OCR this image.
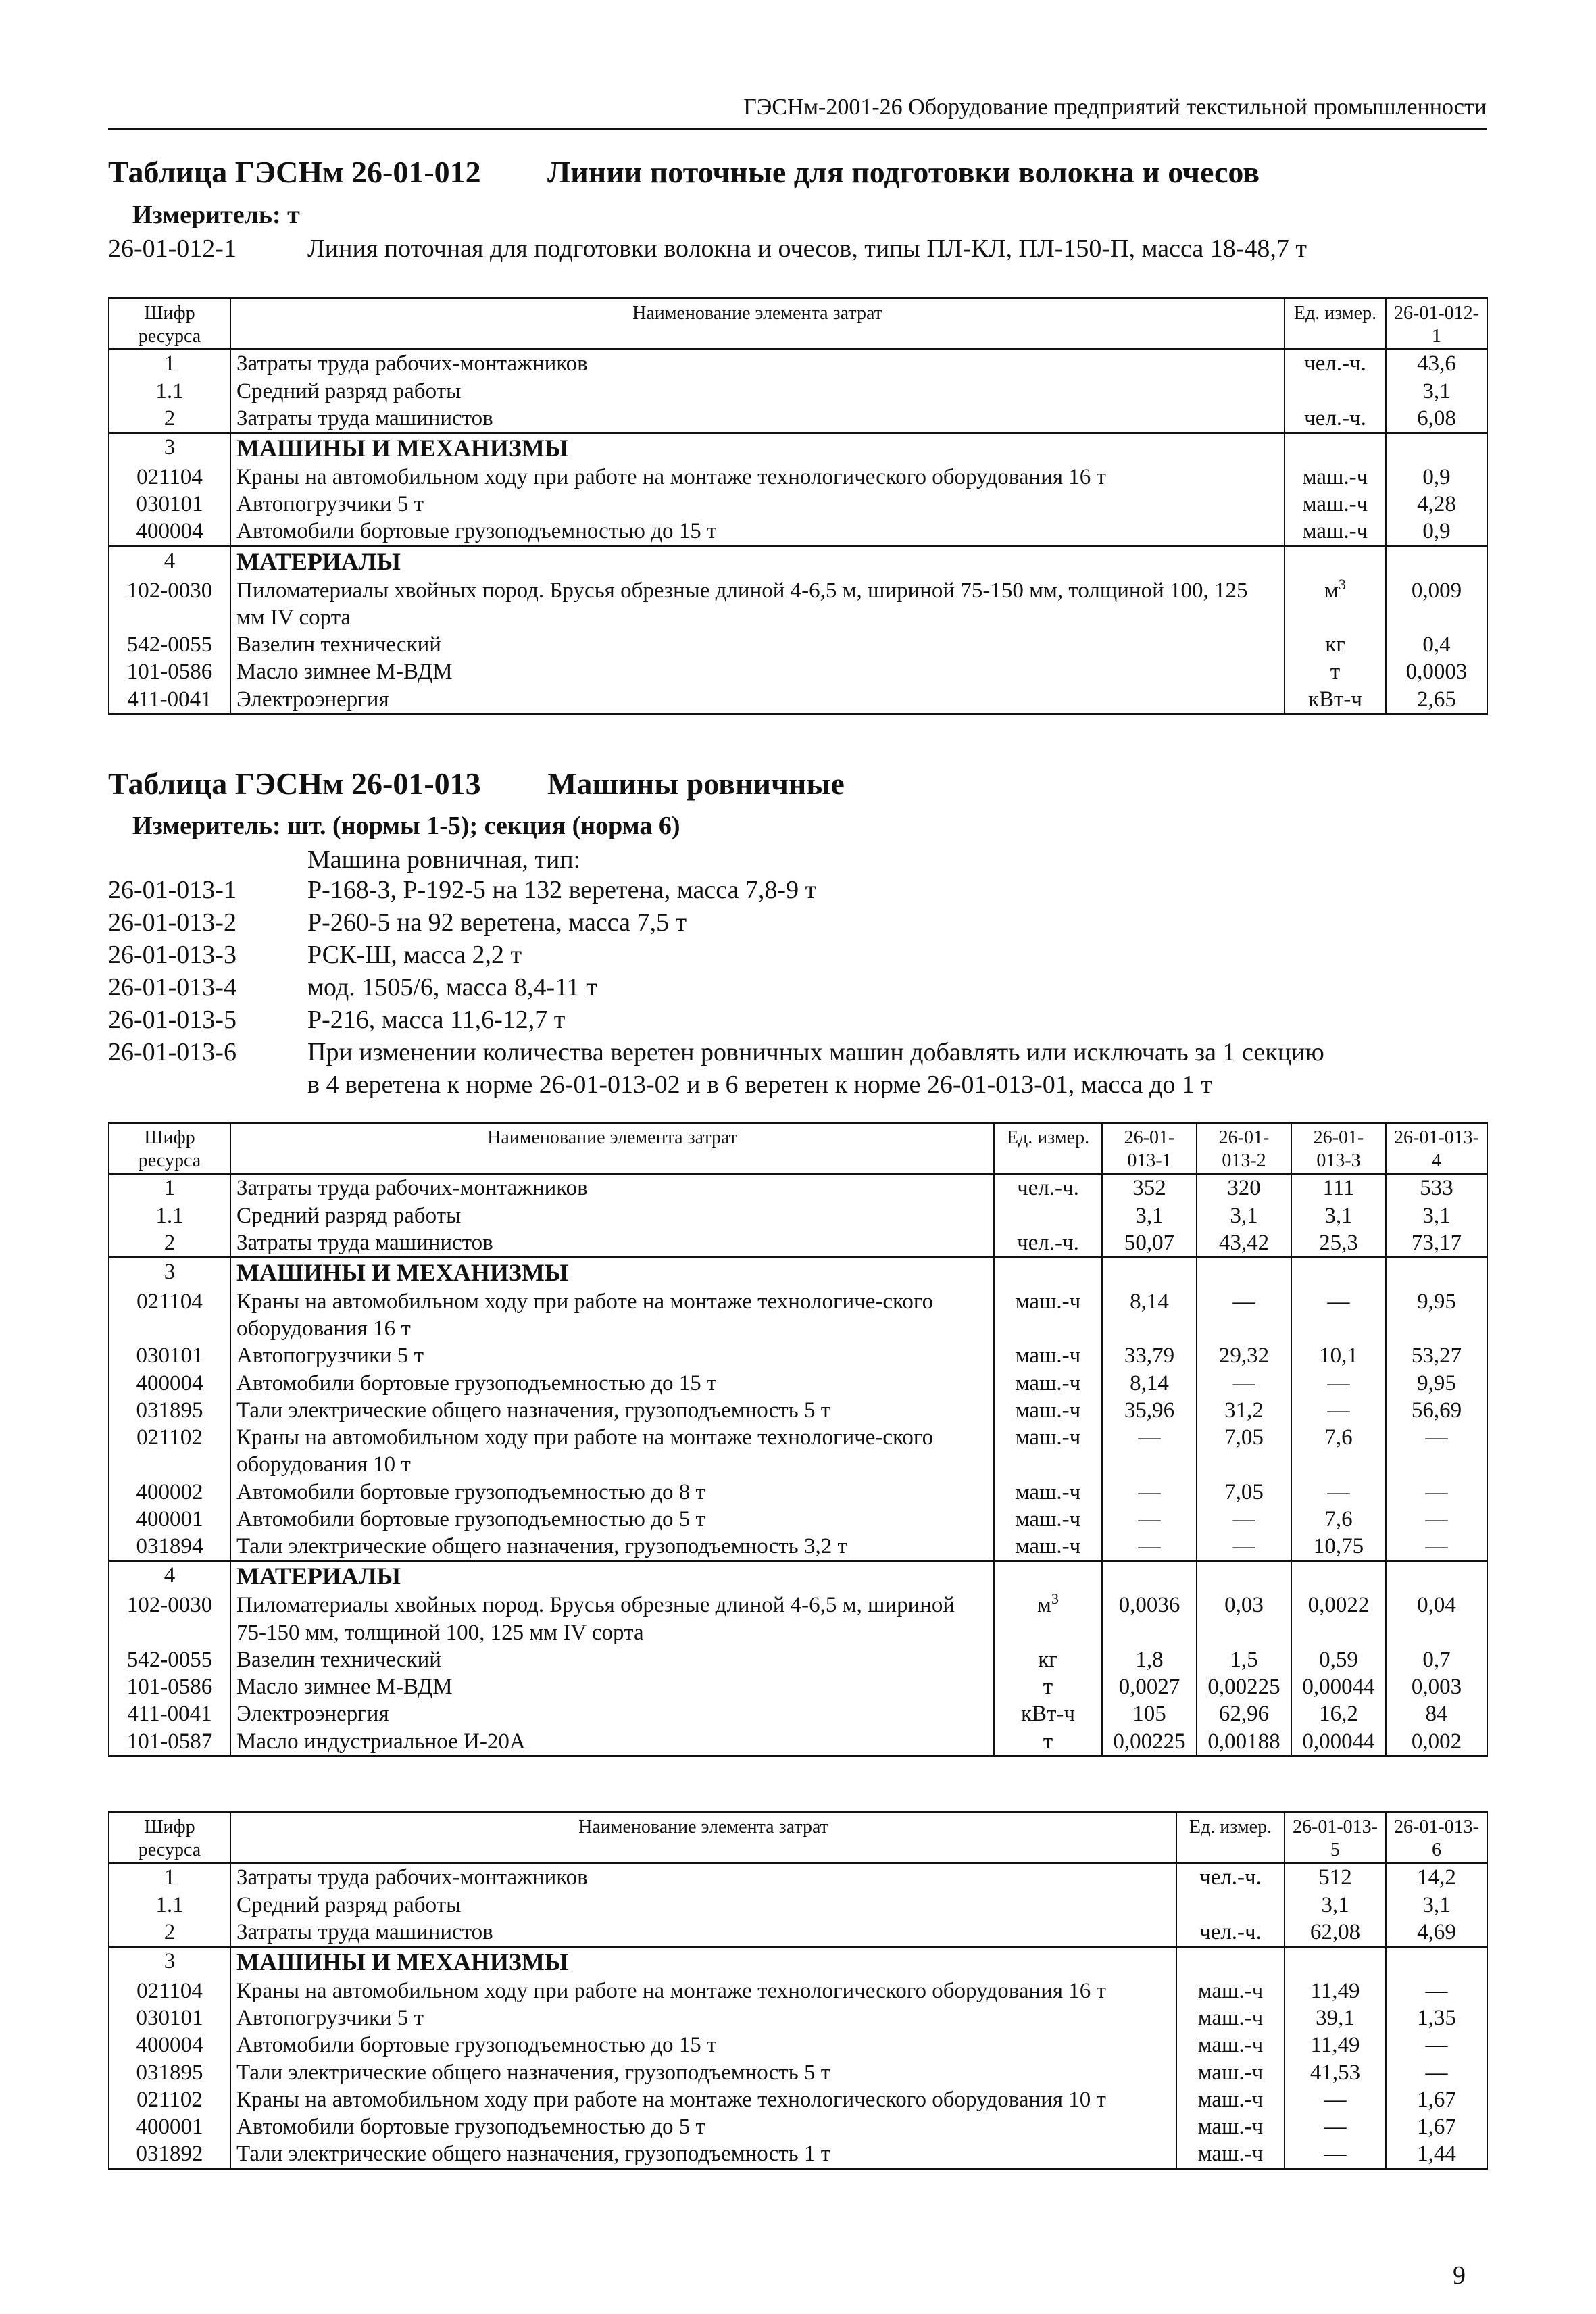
ГЭСНм-2001-26 Оборудование предприятий текстильной промышленности
Таблица ГЭСНм 26-01-012 Линии поточные для подготовки волокна и очесов
Измеритель: т
26-01-012-1	Линия поточная для подготовки волокна и очесов, типы ПЛ-КЛ, ПЛ-150-П, масса 18-48,7 т
Шифр ресурса	Наименование элемента затрат	Ед. измер.	26-01-012-1
1	Затраты труда рабочих-монтажников	чел.-ч.	43,6
1.1	Средний разряд работы		3,1
2	Затраты труда машинистов	чел.-ч.	6,08
3	МАШИНЫ И МЕХАНИЗМЫ		
021104	Краны на автомобильном ходу при работе на монтаже технологического оборудования 16 т	маш.-ч	0,9
030101	Автопогрузчики 5 т	маш.-ч	4,28
400004	Автомобили бортовые грузоподъемностью до 15 т	маш.-ч	0,9
4	МАТЕРИАЛЫ		
102-0030	Пиломатериалы хвойных пород. Брусья обрезные длиной 4-6,5 м, шириной 75-150 мм, толщиной 100, 125 мм IV сорта	$м^3$	0,009
542-0055	Вазелин технический	кг	0,4
101-0586	Масло зимнее М-ВДМ	т	0,0003
411-0041	Электроэнергия	кВт-ч	2,65
Таблица ГЭСНм 26-01-013 Машины ровничные
Измеритель: шт. (нормы 1-5); секция (норма 6)
Машина ровничная, тип:
26-01-013-1	Р-168-3, Р-192-5 на 132 веретена, масса 7,8-9 т
26-01-013-2	Р-260-5 на 92 веретена, масса 7,5 т
26-01-013-3	РСК-Ш, масса 2,2 т
26-01-013-4	мод. 1505/6, масса 8,4-11 т
26-01-013-5	Р-216, масса 11,6-12,7 т
26-01-013-6	При изменении количества веретен ровничных машин добавлять или исключать за 1 секцию
в 4 веретена к норме 26-01-013-02 и в 6 веретен к норме 26-01-013-01, масса до 1 т
Шифр ресурса	Наименование элемента затрат	Ед. измер.	26-01-013-1	26-01-013-2	26-01-013-3	26-01-013-4
1	Затраты труда рабочих-монтажников	чел.-ч.	352	320	111	533
1.1	Средний разряд работы		3,1	3,1	3,1	3,1
2	Затраты труда машинистов	чел.-ч.	50,07	43,42	25,3	73,17
3	МАШИНЫ И МЕХАНИЗМЫ					
021104	Краны на автомобильном ходу при работе на монтаже технологиче-ского оборудования 16 т	маш.-ч	8,14	—	—	9,95
030101	Автопогрузчики 5 т	маш.-ч	33,79	29,32	10,1	53,27
400004	Автомобили бортовые грузоподъемностью до 15 т	маш.-ч	8,14	—	—	9,95
031895	Тали электрические общего назначения, грузоподъемность 5 т	маш.-ч	35,96	31,2	—	56,69
021102	Краны на автомобильном ходу при работе на монтаже технологиче-ского оборудования 10 т	маш.-ч	—	7,05	7,6	—
400002	Автомобили бортовые грузоподъемностью до 8 т	маш.-ч	—	7,05	—	—
400001	Автомобили бортовые грузоподъемностью до 5 т	маш.-ч	—	—	7,6	—
031894	Тали электрические общего назначения, грузоподъемность 3,2 т	маш.-ч	—	—	10,75	—
4	МАТЕРИАЛЫ					
102-0030	Пиломатериалы хвойных пород. Брусья обрезные длиной 4-6,5 м, шириной 75-150 мм, толщиной 100, 125 мм IV сорта	$м^3$	0,0036	0,03	0,0022	0,04
542-0055	Вазелин технический	кг	1,8	1,5	0,59	0,7
101-0586	Масло зимнее М-ВДМ	т	0,0027	0,00225	0,00044	0,003
411-0041	Электроэнергия	кВт-ч	105	62,96	16,2	84
101-0587	Масло индустриальное И-20А	т	0,00225	0,00188	0,00044	0,002
Шифр ресурса	Наименование элемента затрат	Ед. измер.	26-01-013-5	26-01-013-6
1	Затраты труда рабочих-монтажников	чел.-ч.	512	14,2
1.1	Средний разряд работы		3,1	3,1
2	Затраты труда машинистов	чел.-ч.	62,08	4,69
3	МАШИНЫ И МЕХАНИЗМЫ			
021104	Краны на автомобильном ходу при работе на монтаже технологического оборудования 16 т	маш.-ч	11,49	—
030101	Автопогрузчики 5 т	маш.-ч	39,1	1,35
400004	Автомобили бортовые грузоподъемностью до 15 т	маш.-ч	11,49	—
031895	Тали электрические общего назначения, грузоподъемность 5 т	маш.-ч	41,53	—
021102	Краны на автомобильном ходу при работе на монтаже технологического оборудования 10 т	маш.-ч	—	1,67
400001	Автомобили бортовые грузоподъемностью до 5 т	маш.-ч	—	1,67
031892	Тали электрические общего назначения, грузоподъемность 1 т	маш.-ч	—	1,44
9
